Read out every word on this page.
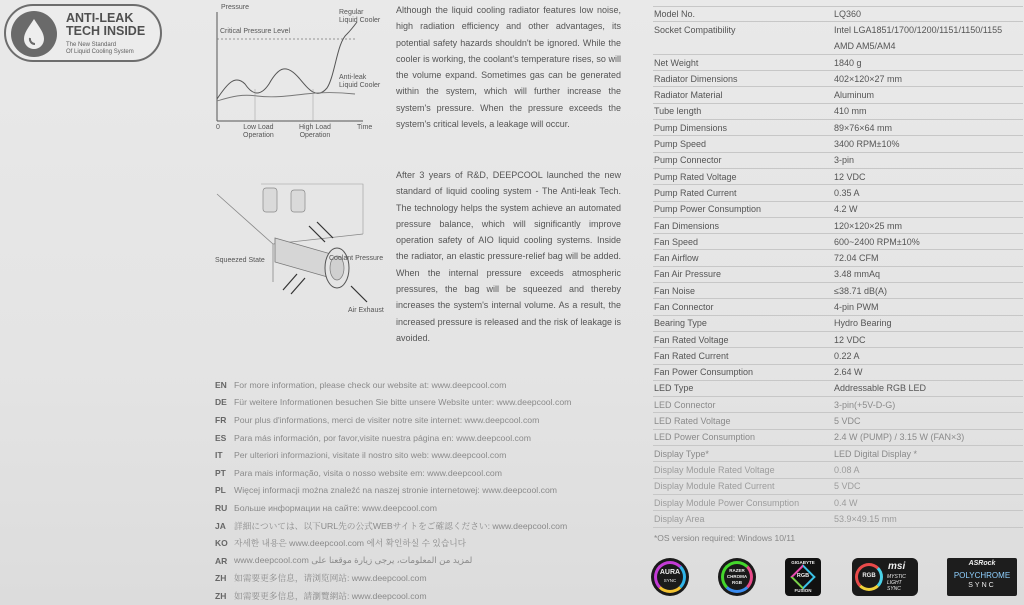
ANTI-LEAK
TECH INSIDE
The New Standard
Of Liquid Cooling System
Pressure
Critical Pressure Level
Regular
Liquid Cooler
Anti-leak
Liquid Cooler
0	Low Load
Operation
High Load
Operation
Time
Squeezed State	Coolant Pressure
Air Exhaust
Although the liquid cooling radiator features low noise, high radiation efficiency and other advantages, its potential safety hazards shouldn't be ignored. While the cooler is working, the coolant's temperature rises, so will the volume expand. Sometimes gas can be generated within the system, which will further increase the system's pressure. When the pressure exceeds the system's critical levels, a leakage will occur.
After 3 years of R&D, DEEPCOOL launched the new standard of liquid cooling system - The Anti-leak Tech. The technology helps the system achieve an automated pressure balance, which will significantly improve operation safety of AIO liquid cooling systems. Inside the radiator, an elastic pressure-relief bag will be added. When the internal pressure exceeds atmospheric pressures, the bag will be squeezed and thereby increases the system's internal volume. As a result, the increased pressure is released and the risk of leakage is avoided.
EN For more information, please check our website at: www.deepcool.com
DE Für weitere Informationen besuchen Sie bitte unsere Website unter: www.deepcool.com
FR Pour plus d'informations, merci de visiter notre site internet: www.deepcool.com
ES Para más información, por favor,visite nuestra página en: www.deepcool.com
IT	Per ulteriori informazioni, visitate il nostro sito web: www.deepcool.com
PT Para mais informação, visita o nosso website em: www.deepcool.com
PL Więcej informacji można znaleźć na naszej stronie internetowej: www.deepcool.com
RU Больше информации на сайте: www.deepcool.com
JA 詳細については、以下URL先の公式WEBサイトをご確認ください: www.deepcool.com
KO 자세한 내용은 www.deepcool.com 에서 확인하실 수 있습니다
AR www.deepcool.com لمزيد من المعلومات، يرجى زيارة موقعنا على
ZH 如需要更多信息，请浏览网站: www.deepcool.com
ZH 如需要更多信息，請瀏覽網站: www.deepcool.com
Model No.	LQ360
Socket Compatibility	Intel LGA1851/1700/1200/1151/1150/1155
AMD AM5/AM4
Net Weight	1840 g
Radiator Dimensions	402×120×27 mm
Radiator Material	Aluminum
Tube length	410 mm
Pump Dimensions	89×76×64 mm
Pump Speed	3400 RPM±10%
Pump Connector	3-pin
Pump Rated Voltage	12 VDC
Pump Rated Current	0.35 A
Pump Power Consumption	4.2 W
Fan Dimensions	120×120×25 mm
Fan Speed	600~2400 RPM±10%
Fan Airflow	72.04 CFM
Fan Air Pressure	3.48 mmAq
Fan Noise	≤38.71 dB(A)
Fan Connector	4-pin PWM
Bearing Type	Hydro Bearing
Fan Rated Voltage	12 VDC
Fan Rated Current	0.22 A
Fan Power Consumption	2.64 W
LED Type	Addressable RGB LED
LED Connector	3-pin(+5V-D-G)
LED Rated Voltage	5 VDC
LED Power Consumption	2.4 W (PUMP) / 3.15 W (FAN×3)
Display Type*	LED Digital Display *
Display Module Rated Voltage	0.08 A
Display Module Rated Current	5 VDC
Display Module Power Consumption	0.4 W
Display Area	53.9×49.15 mm
*OS version required: Windows 10/11
AURA
SYNC
RAZER
CHROMA
RGB
GIGABYTE
RGB
FUSION
RGB
msi
MYSTIC
LIGHT
SYNC
ASRock
POLYCHROME
SYNC
